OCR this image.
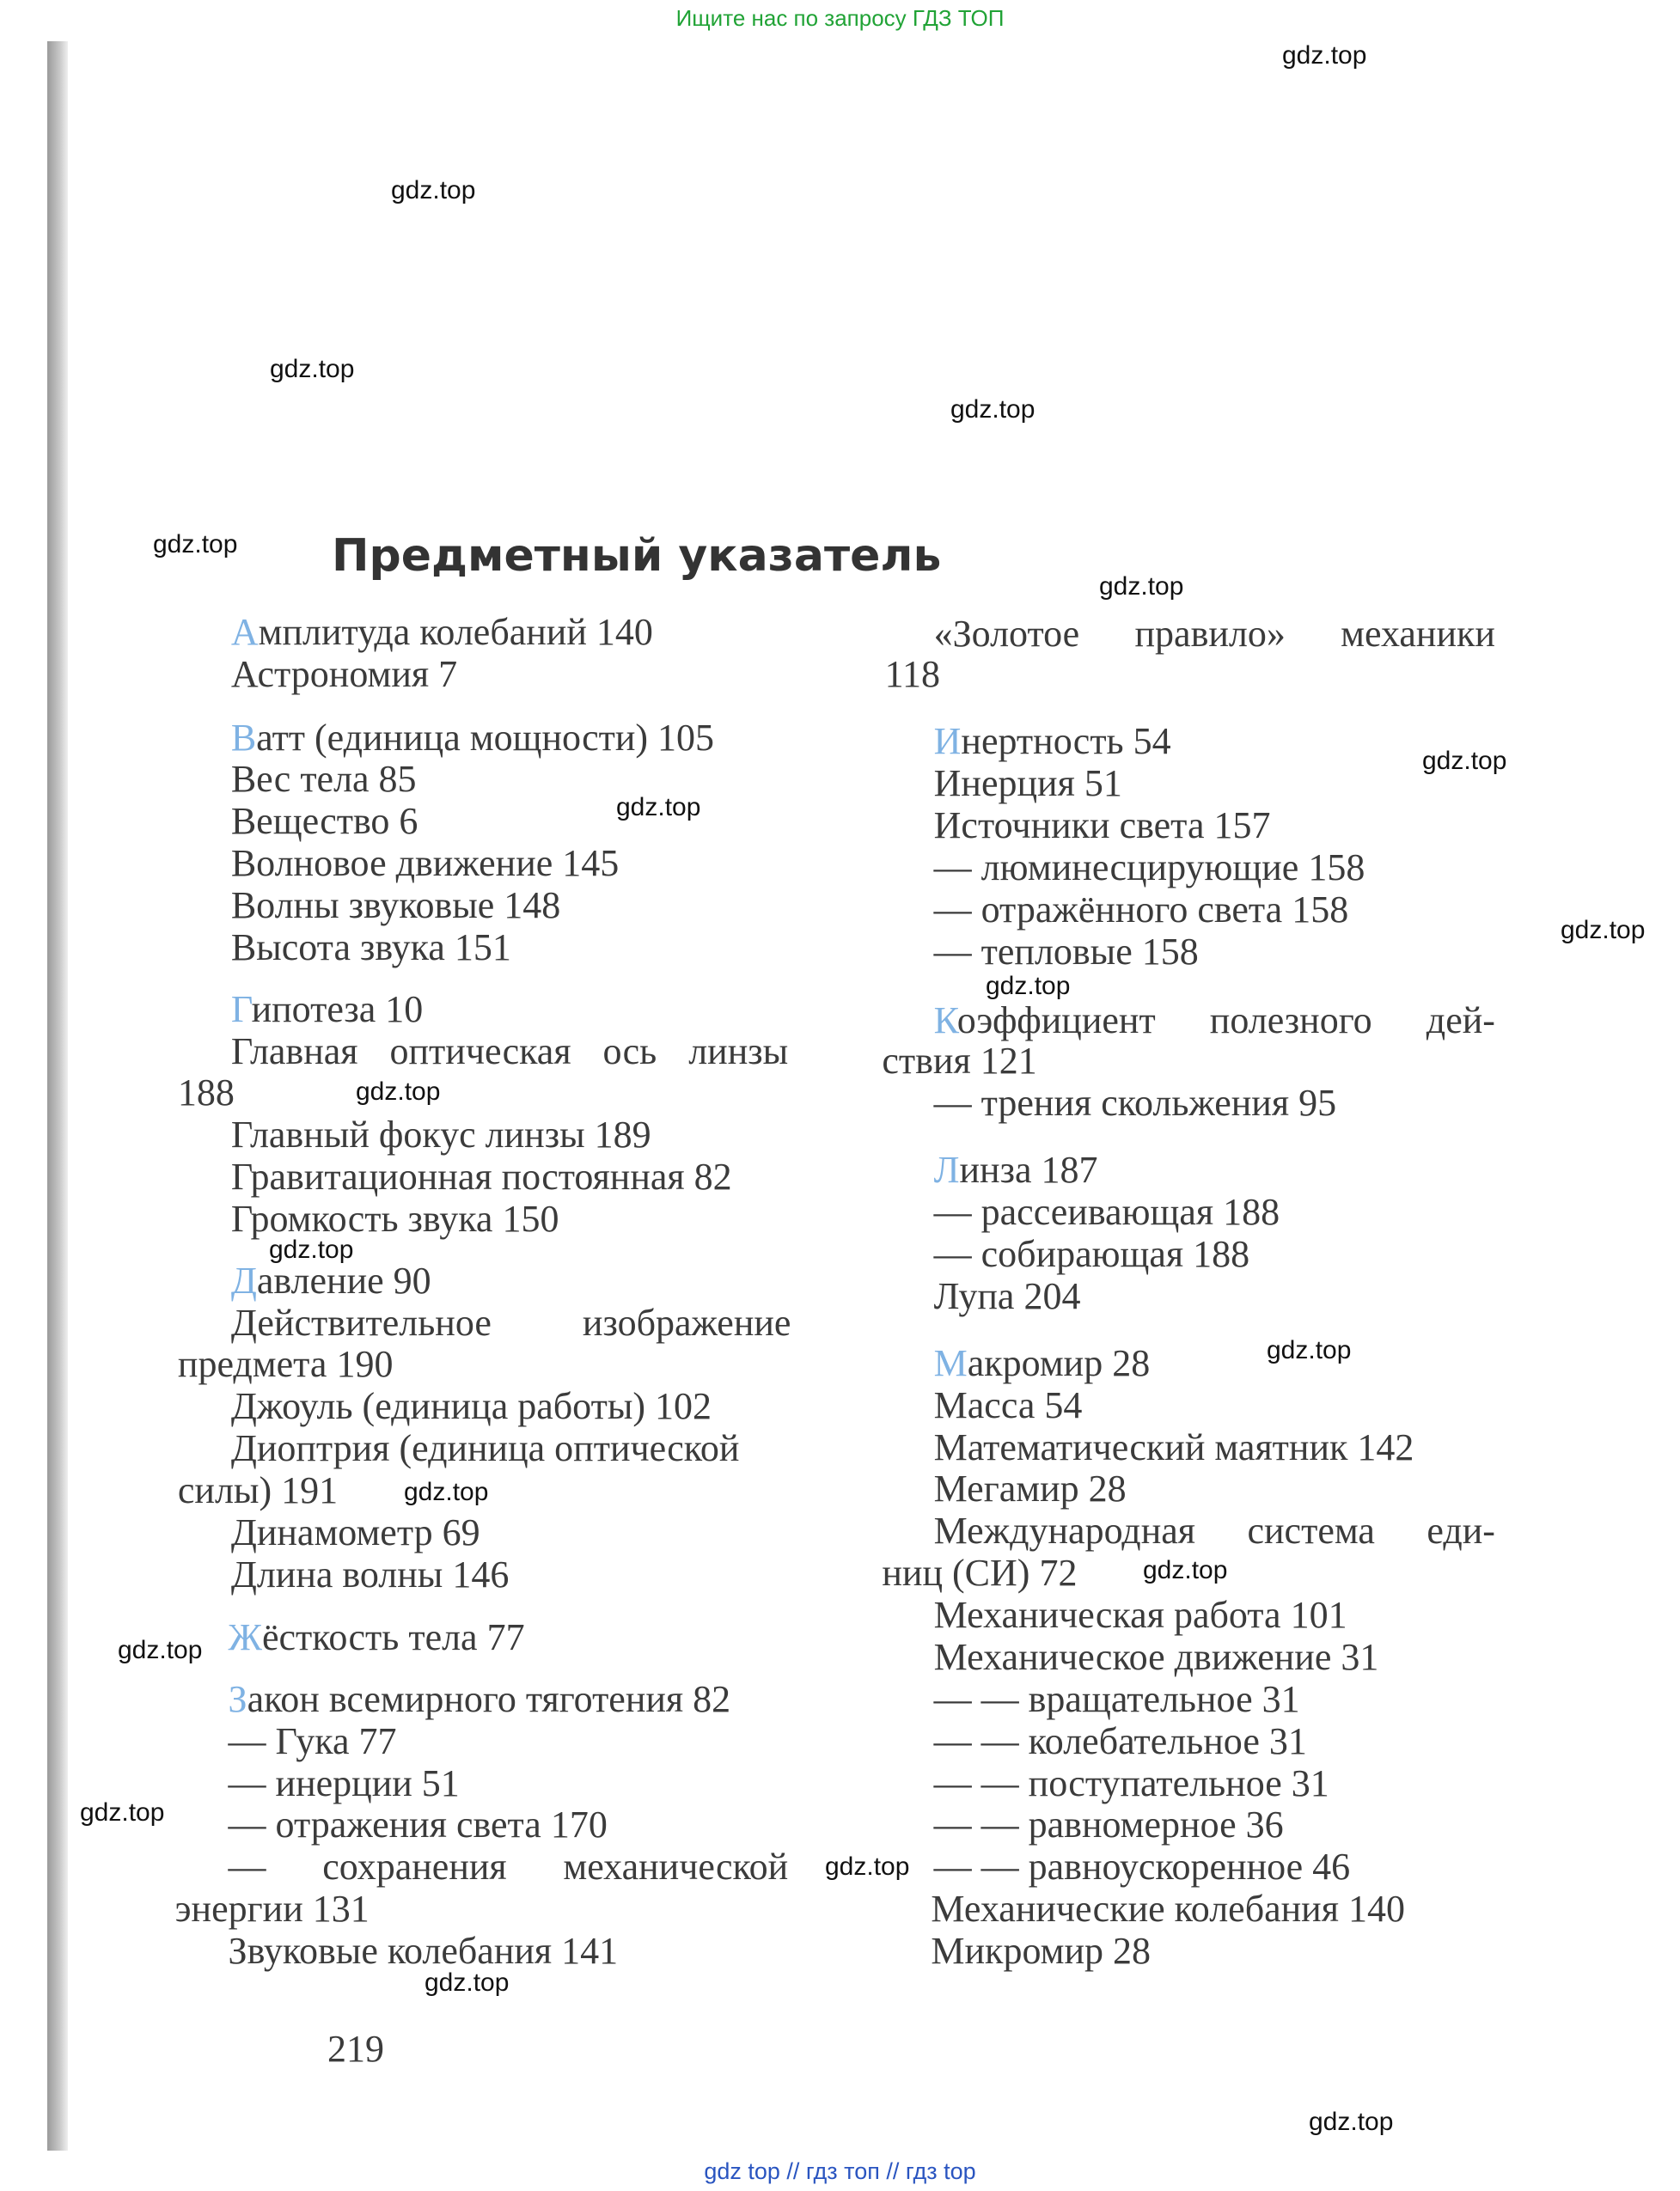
Ищите нас по запросу ГДЗ ТОП
Предметный указатель
Амплитуда колебаний 140
Астрономия 7
Ватт (единица мощности) 105
Вес тела 85
Вещество 6
Волновое движение 145
Волны звуковые 148
Высота звука 151
Гипотеза 10
Главная оптическая ось линзы
188
Главный фокус линзы 189
Гравитационная постоянная 82
Громкость звука 150
Давление 90
Действительное изображение
предмета 190
Джоуль (единица работы) 102
Диоптрия (единица оптической
силы) 191
Динамометр 69
Длина волны 146
Жёсткость тела 77
Закон всемирного тяготения 82
— Гука 77
— инерции 51
— отражения света 170
— сохранения механической
энергии 131
Звуковые колебания 141
«Золотое правило» механики
118
Инертность 54
Инерция 51
Источники света 157
— люминесцирующие 158
— отражённого света 158
— тепловые 158
Коэффициент полезного дей-
ствия 121
— трения скольжения 95
Линза 187
— рассеивающая 188
— собирающая 188
Лупа 204
Макромир 28
Масса 54
Математический маятник 142
Мегамир 28
Международная система еди-
ниц (СИ) 72
Механическая работа 101
Механическое движение 31
— — вращательное 31
— — колебательное 31
— — поступательное 31
— — равномерное 36
— — равноускоренное 46
Механические колебания 140
Микромир 28
gdz.top
gdz.top
gdz.top
gdz.top
gdz.top
gdz.top
gdz.top
gdz.top
gdz.top
gdz.top
gdz.top
gdz.top
gdz.top
gdz.top
gdz.top
gdz.top
gdz.top
gdz.top
gdz.top
gdz.top
219
gdz top // гдз топ // гдз top
